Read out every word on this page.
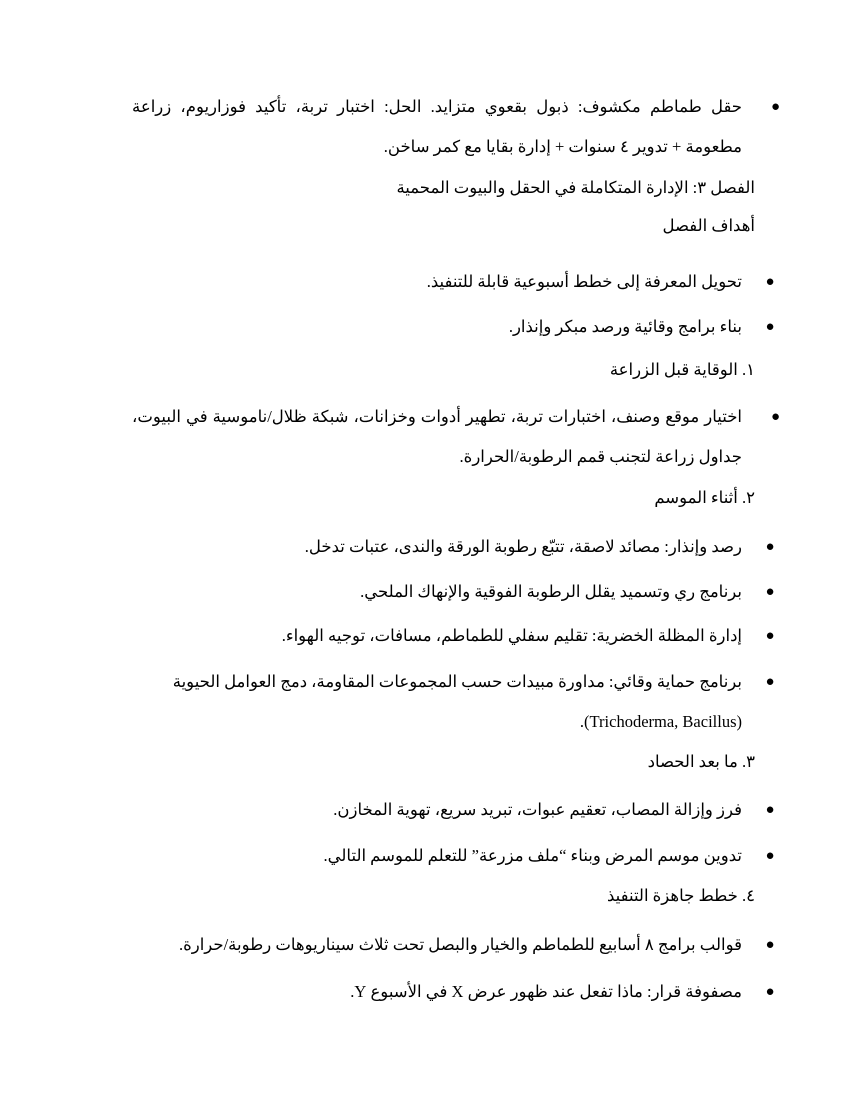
●
حقل طماطم مكشوف: ذبول بقعوي متزايد. الحل: اختبار تربة، تأكيد فوزاريوم، زراعة مطعومة + تدوير ٤ سنوات + إدارة بقايا مع كمر ساخن.
الفصل ٣: الإدارة المتكاملة في الحقل والبيوت المحمية
أهداف الفصل
●
تحويل المعرفة إلى خطط أسبوعية قابلة للتنفيذ.
●
بناء برامج وقائية ورصد مبكر وإنذار.
١. الوقاية قبل الزراعة
●
اختيار موقع وصنف، اختبارات تربة، تطهير أدوات وخزانات، شبكة ظلال/ناموسية في البيوت، جداول زراعة لتجنب قمم الرطوبة/الحرارة.
٢. أثناء الموسم
●
رصد وإنذار: مصائد لاصقة، تتبّع رطوبة الورقة والندى، عتبات تدخل.
●
برنامج ري وتسميد يقلل الرطوبة الفوقية والإنهاك الملحي.
●
إدارة المظلة الخضرية: تقليم سفلي للطماطم، مسافات، توجيه الهواء.
●
برنامج حماية وقائي: مداورة مبيدات حسب المجموعات المقاومة، دمج العوامل الحيوية (Trichoderma, Bacillus).
٣. ما بعد الحصاد
●
فرز وإزالة المصاب، تعقيم عبوات، تبريد سريع، تهوية المخازن.
●
تدوين موسم المرض وبناء “ملف مزرعة” للتعلم للموسم التالي.
٤. خطط جاهزة التنفيذ
●
قوالب برامج ٨ أسابيع للطماطم والخيار والبصل تحت ثلاث سيناريوهات رطوبة/حرارة.
●
مصفوفة قرار: ماذا تفعل عند ظهور عرض X في الأسبوع Y.
